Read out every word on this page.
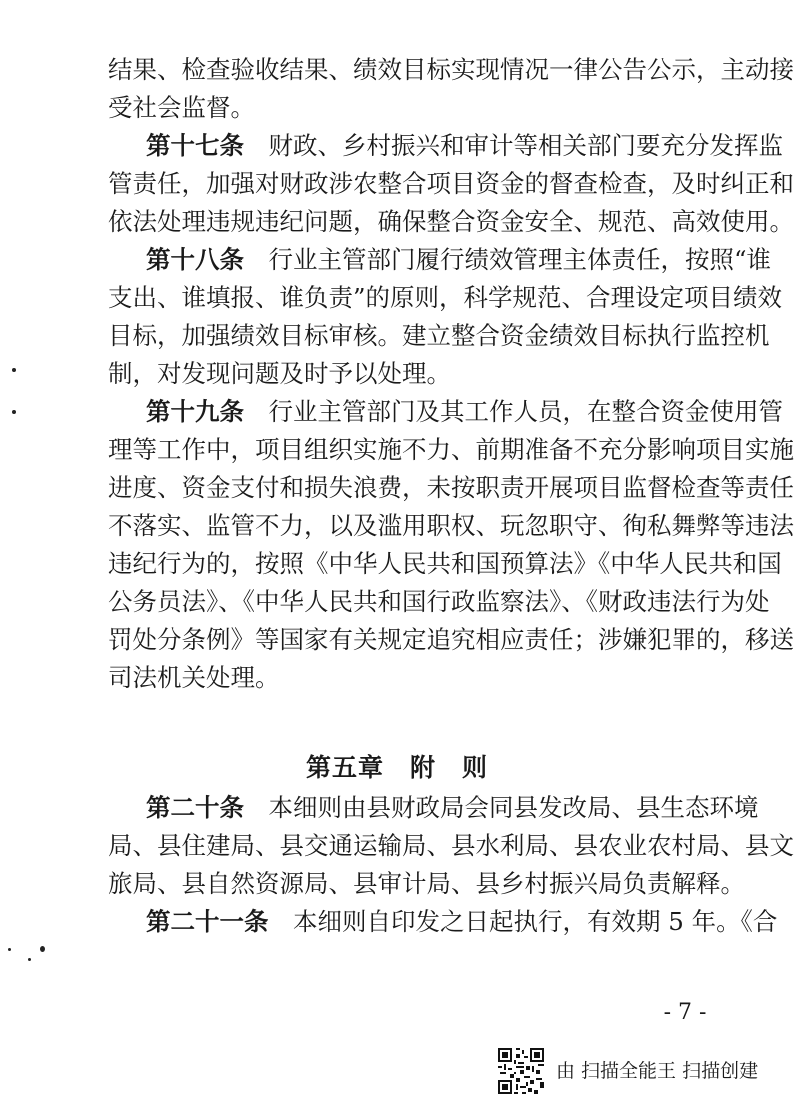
结果、检查验收结果、绩效目标实现情况一律公告公示，主动接
受社会监督。
第十七条　 财政、乡村振兴和审计等相关部门要充分发挥监
管责任，加强对财政涉农整合项目资金的督查检查，及时纠正和
依法处理违规违纪问题，确保整合资金安全、规范、高效使用。
第十八条　 行业主管部门履行绩效管理主体责任，按照“谁
支出、谁填报、谁负责”的原则，科学规范、合理设定项目绩效
目标，加强绩效目标审核。建立整合资金绩效目标执行监控机
制，对发现问题及时予以处理。
第十九条　 行业主管部门及其工作人员，在整合资金使用管
理等工作中，项目组织实施不力、前期准备不充分影响项目实施
进度、资金支付和损失浪费，未按职责开展项目监督检查等责任
不落实、监管不力，以及滥用职权、玩忽职守、徇私舞弊等违法
违纪行为的，按照《中华人民共和国预算法》《中华人民共和国
公务员法》、《中华人民共和国行政监察法》、《财政违法行为处
罚处分条例》等国家有关规定追究相应责任；涉嫌犯罪的，移送
司法机关处理。
第五章　附　则
第二十条　 本细则由县财政局会同县发改局、县生态环境
局、县住建局、县交通运输局、县水利局、县农业农村局、县文
旅局、县自然资源局、县审计局、县乡村振兴局负责解释。
第二十一条　 本细则自印发之日起执行，有效期 5 年。《合
- 7 -
由 扫描全能王 扫描创建
